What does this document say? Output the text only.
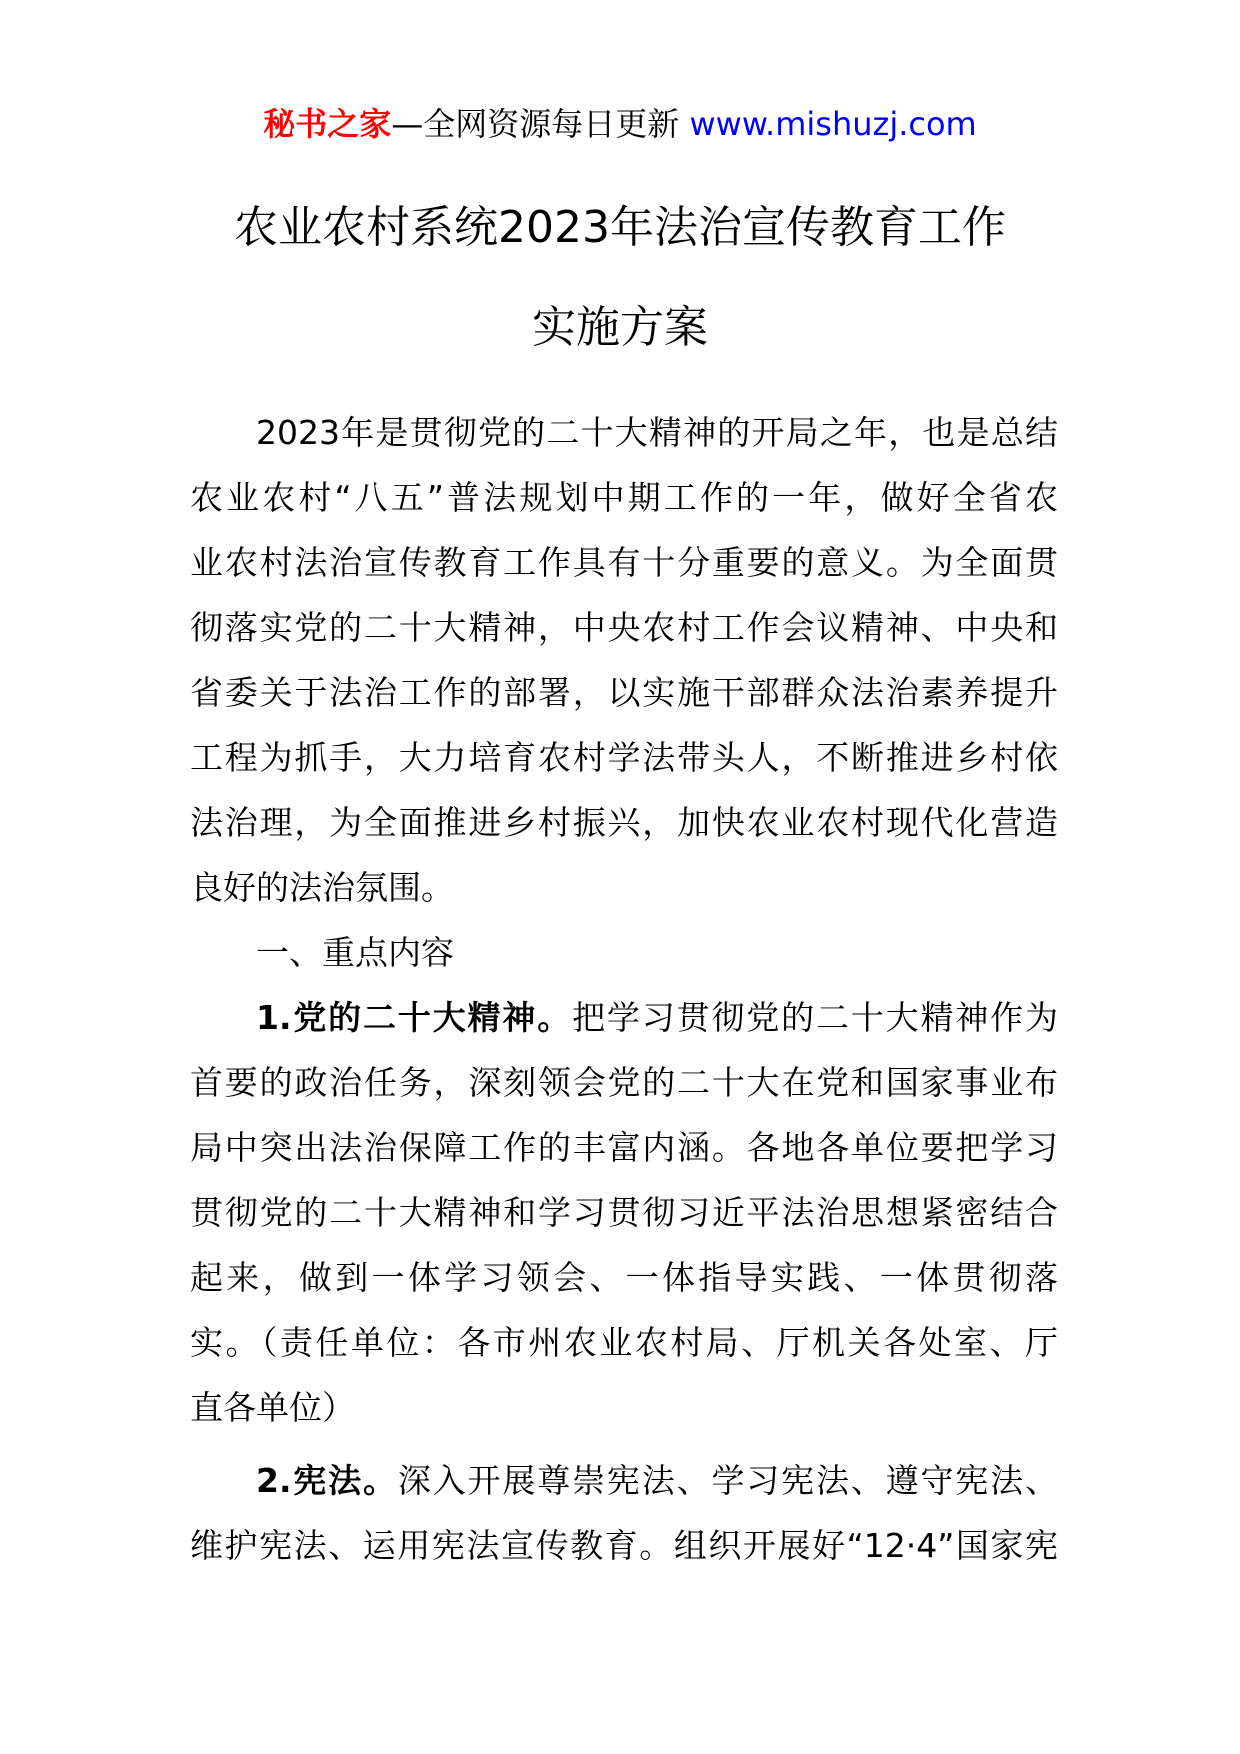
秘书之家—全网资源每日更新 www.mishuzj.com
农业农村系统2023年法治宣传教育工作
实施方案
2023年是贯彻党的二十大精神的开局之年，也是总结
农业农村“八五”普法规划中期工作的一年，做好全省农
业农村法治宣传教育工作具有十分重要的意义。为全面贯
彻落实党的二十大精神，中央农村工作会议精神、中央和
省委关于法治工作的部署，以实施干部群众法治素养提升
工程为抓手，大力培育农村学法带头人，不断推进乡村依
法治理，为全面推进乡村振兴，加快农业农村现代化营造
良好的法治氛围。
一、重点内容
1.党的二十大精神。把学习贯彻党的二十大精神作为
首要的政治任务，深刻领会党的二十大在党和国家事业布
局中突出法治保障工作的丰富内涵。各地各单位要把学习
贯彻党的二十大精神和学习贯彻习近平法治思想紧密结合
起来，做到一体学习领会、一体指导实践、一体贯彻落
实。（责任单位：各市州农业农村局、厅机关各处室、厅
直各单位）
2.宪法。深入开展尊崇宪法、学习宪法、遵守宪法、
维护宪法、运用宪法宣传教育。组织开展好“12·4”国家宪
